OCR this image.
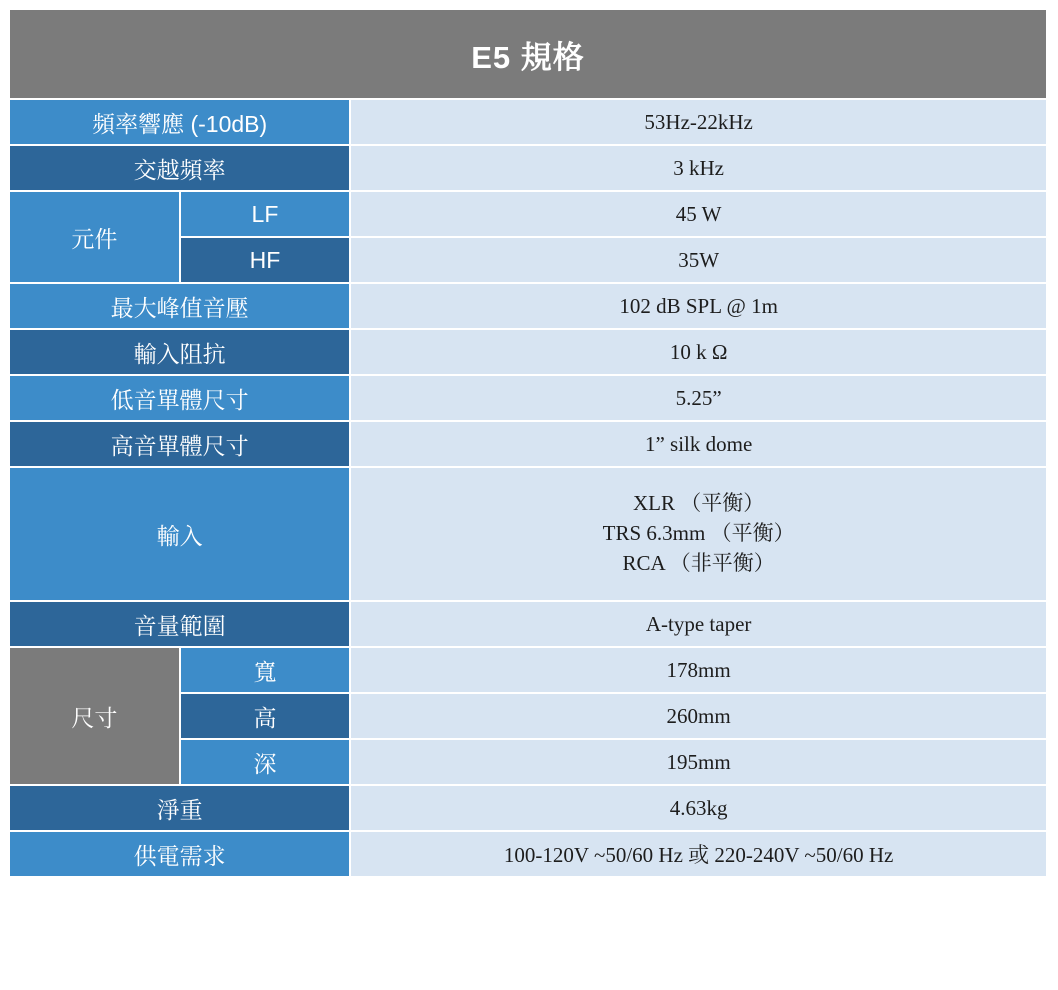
E5 規格		
頻率響應 (-10dB)		53Hz-22kHz
交越頻率		3 kHz
元件	LF	45 W
	HF	35W
最大峰值音壓		102 dB SPL @ 1m
輸入阻抗		10 k Ω
低音單體尺寸		5.25”
高音單體尺寸		1” silk dome
輸入		XLR （平衡）
TRS 6.3mm （平衡）
RCA （非平衡）

音量範圍		A-type taper
尺寸	寬	178mm
	高	260mm
	深	195mm
淨重		4.63kg
供電需求		100-120V ~50/60 Hz 或 220-240V ~50/60 Hz
